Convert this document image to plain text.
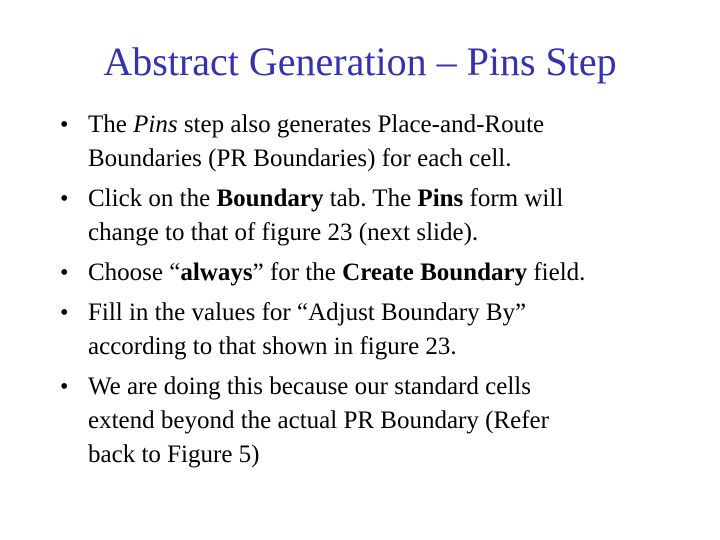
Abstract Generation – Pins Step
• The Pins step also generates Place-and-Route
Boundaries (PR Boundaries) for each cell.
• Click on the Boundary tab. The Pins form will
change to that of figure 23 (next slide).
• Choose “always” for the Create Boundary field.
• Fill in the values for “Adjust Boundary By”
according to that shown in figure 23.
• We are doing this because our standard cells
extend beyond the actual PR Boundary (Refer
back to Figure 5)
